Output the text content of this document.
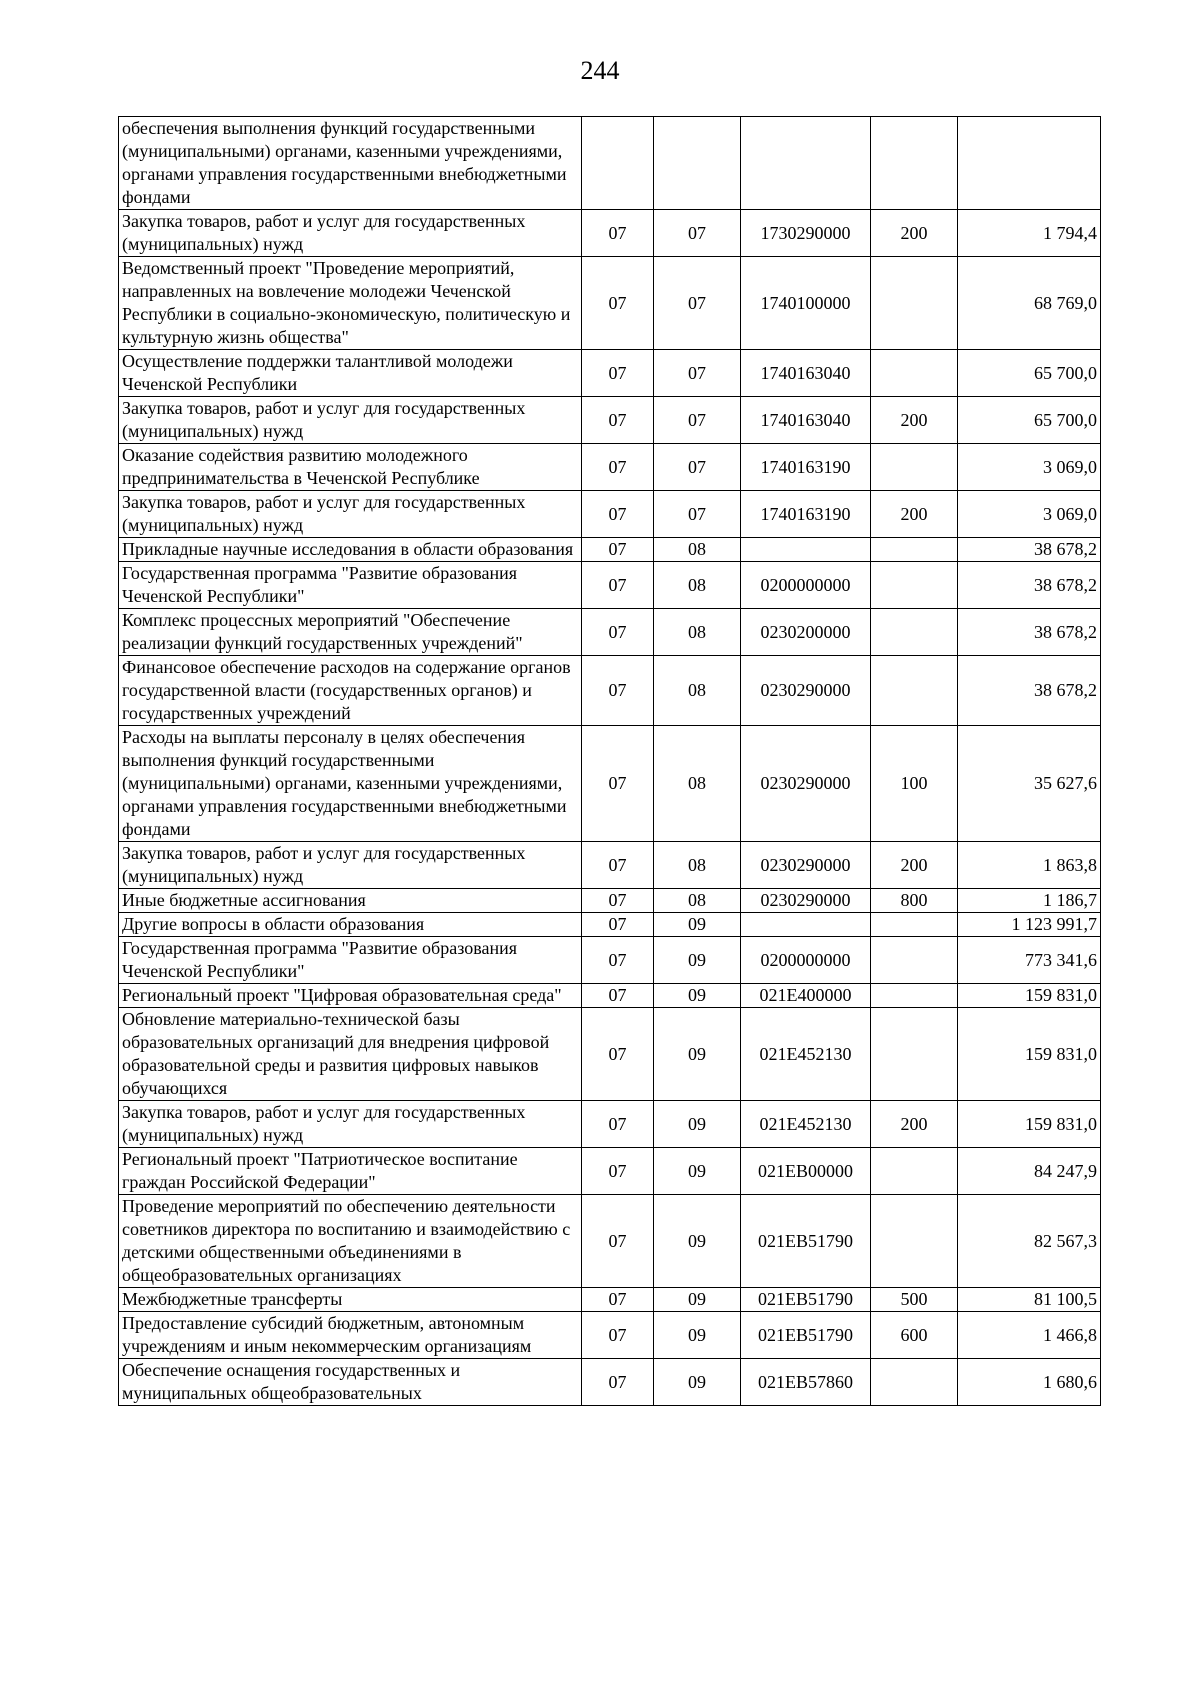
244
обеспечения выполнения функций государственными (муниципальными) органами, казенными учреждениями, органами управления государственными внебюджетными фондами					
Закупка товаров, работ и услуг для государственных (муниципальных) нужд	07	07	1730290000	200	1 794,4
Ведомственный проект "Проведение мероприятий, направленных на вовлечение молодежи Чеченской Республики в социально-экономическую, политическую и культурную жизнь общества"	07	07	1740100000		68 769,0
Осуществление поддержки талантливой молодежи Чеченской Республики	07	07	1740163040		65 700,0
Закупка товаров, работ и услуг для государственных (муниципальных) нужд	07	07	1740163040	200	65 700,0
Оказание содействия развитию молодежного предпринимательства в Чеченской Республике	07	07	1740163190		3 069,0
Закупка товаров, работ и услуг для государственных (муниципальных) нужд	07	07	1740163190	200	3 069,0
Прикладные научные исследования в области образования	07	08			38 678,2
Государственная программа "Развитие образования Чеченской Республики"	07	08	0200000000		38 678,2
Комплекс процессных мероприятий "Обеспечение реализации функций государственных учреждений"	07	08	0230200000		38 678,2
Финансовое обеспечение расходов на содержание органов государственной власти (государственных органов) и государственных учреждений	07	08	0230290000		38 678,2
Расходы на выплаты персоналу в целях обеспечения выполнения функций государственными (муниципальными) органами, казенными учреждениями, органами управления государственными внебюджетными фондами	07	08	0230290000	100	35 627,6
Закупка товаров, работ и услуг для государственных (муниципальных) нужд	07	08	0230290000	200	1 863,8
Иные бюджетные ассигнования	07	08	0230290000	800	1 186,7
Другие вопросы в области образования	07	09			1 123 991,7
Государственная программа "Развитие образования Чеченской Республики"	07	09	0200000000		773 341,6
Региональный проект "Цифровая образовательная среда"	07	09	021E400000		159 831,0
Обновление материально-технической базы образовательных организаций для внедрения цифровой образовательной среды и развития цифровых навыков обучающихся	07	09	021E452130		159 831,0
Закупка товаров, работ и услуг для государственных (муниципальных) нужд	07	09	021E452130	200	159 831,0
Региональный проект "Патриотическое воспитание граждан Российской Федерации"	07	09	021EB00000		84 247,9
Проведение мероприятий по обеспечению деятельности советников директора по воспитанию и взаимодействию с детскими общественными объединениями в общеобразовательных организациях	07	09	021EB51790		82 567,3
Межбюджетные трансферты	07	09	021EB51790	500	81 100,5
Предоставление субсидий бюджетным, автономным учреждениям и иным некоммерческим организациям	07	09	021EB51790	600	1 466,8
Обеспечение оснащения государственных и муниципальных общеобразовательных	07	09	021EB57860		1 680,6
